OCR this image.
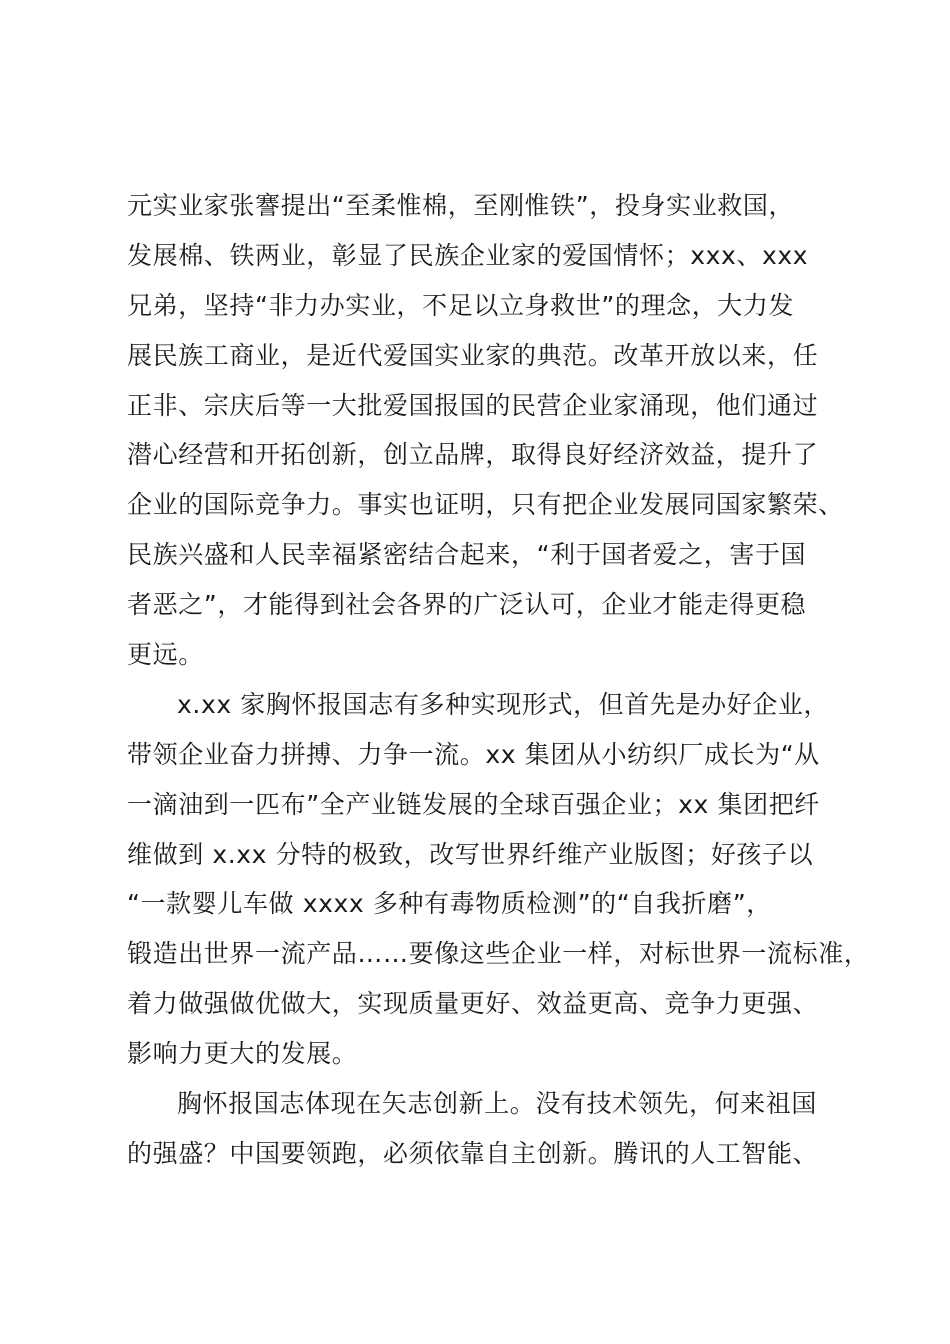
元实业家张謇提出“至柔惟棉，至刚惟铁”，投身实业救国，
发展棉、铁两业，彰显了民族企业家的爱国情怀；xxx、xxx
兄弟，坚持“非力办实业，不足以立身救世”的理念，大力发
展民族工商业，是近代爱国实业家的典范。改革开放以来，任
正非、宗庆后等一大批爱国报国的民营企业家涌现，他们通过
潜心经营和开拓创新，创立品牌，取得良好经济效益，提升了
企业的国际竞争力。事实也证明，只有把企业发展同国家繁荣、
民族兴盛和人民幸福紧密结合起来，“利于国者爱之，害于国
者恶之”，才能得到社会各界的广泛认可，企业才能走得更稳
更远。
x.xx 家胸怀报国志有多种实现形式，但首先是办好企业，
带领企业奋力拼搏、力争一流。xx 集团从小纺织厂成长为“从
一滴油到一匹布”全产业链发展的全球百强企业；xx 集团把纤
维做到 x.xx 分特的极致，改写世界纤维产业版图；好孩子以
“一款婴儿车做 xxxx 多种有毒物质检测”的“自我折磨”，
锻造出世界一流产品……要像这些企业一样，对标世界一流标准，
着力做强做优做大，实现质量更好、效益更高、竞争力更强、
影响力更大的发展。
胸怀报国志体现在矢志创新上。没有技术领先，何来祖国
的强盛？中国要领跑，必须依靠自主创新。腾讯的人工智能、
